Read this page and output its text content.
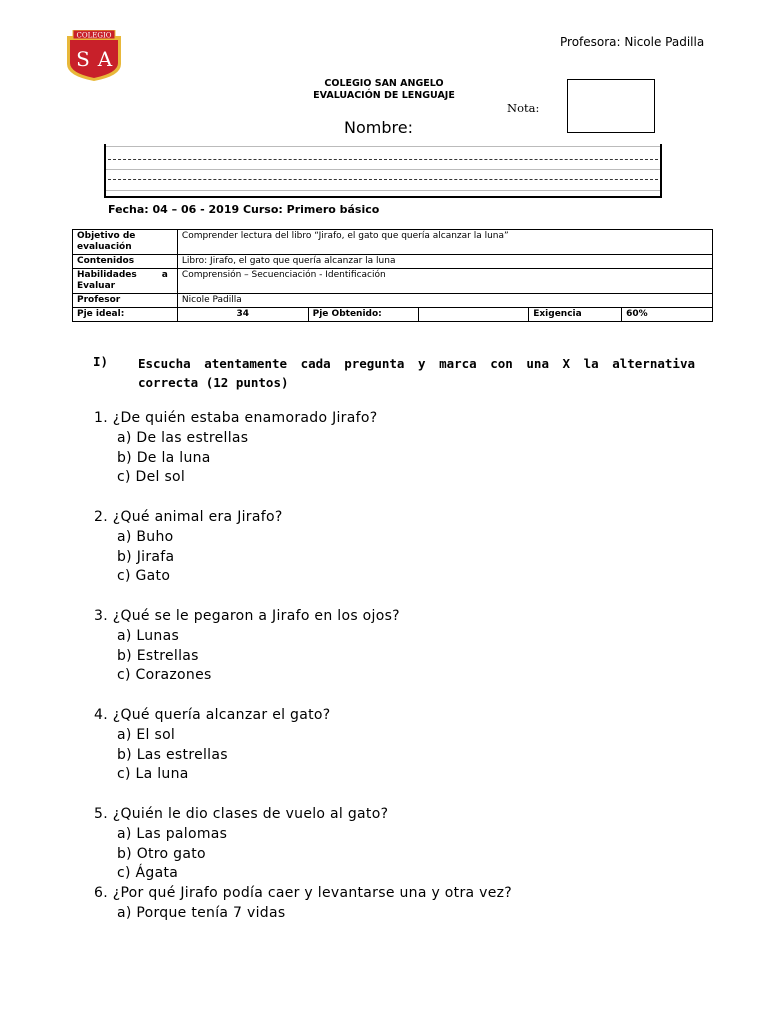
COLEGIO
S A
Profesora: Nicole Padilla
COLEGIO SAN ANGELO
EVALUACIÓN DE LENGUAJE
Nota:
Nombre:
Fecha: 04 – 06 - 2019 Curso: Primero básico
Objetivo de evaluación	Comprender lectura del libro “Jirafo, el gato que quería alcanzar la luna”				
Contenidos	Libro: Jirafo, el gato que quería alcanzar la luna				
Habilidades        a Evaluar	Comprensión – Secuenciación - Identificación				
Profesor	Nicole Padilla				
Pje ideal:	34	Pje Obtenido:		Exigencia	60%
I) Escucha atentamente cada pregunta y marca con una X la alternativa
correcta (12 puntos)
1. ¿De quién estaba enamorado Jirafo?
a) De las estrellas
b) De la luna
c) Del sol
2. ¿Qué animal era Jirafo?
a) Buho
b) Jirafa
c) Gato
3. ¿Qué se le pegaron a Jirafo en los ojos?
a) Lunas
b) Estrellas
c) Corazones
4. ¿Qué quería alcanzar el gato?
a) El sol
b) Las estrellas
c) La luna
5. ¿Quién le dio clases de vuelo al gato?
a) Las palomas
b) Otro gato
c) Ágata
6. ¿Por qué Jirafo podía caer y levantarse una y otra vez?
a) Porque tenía 7 vidas
